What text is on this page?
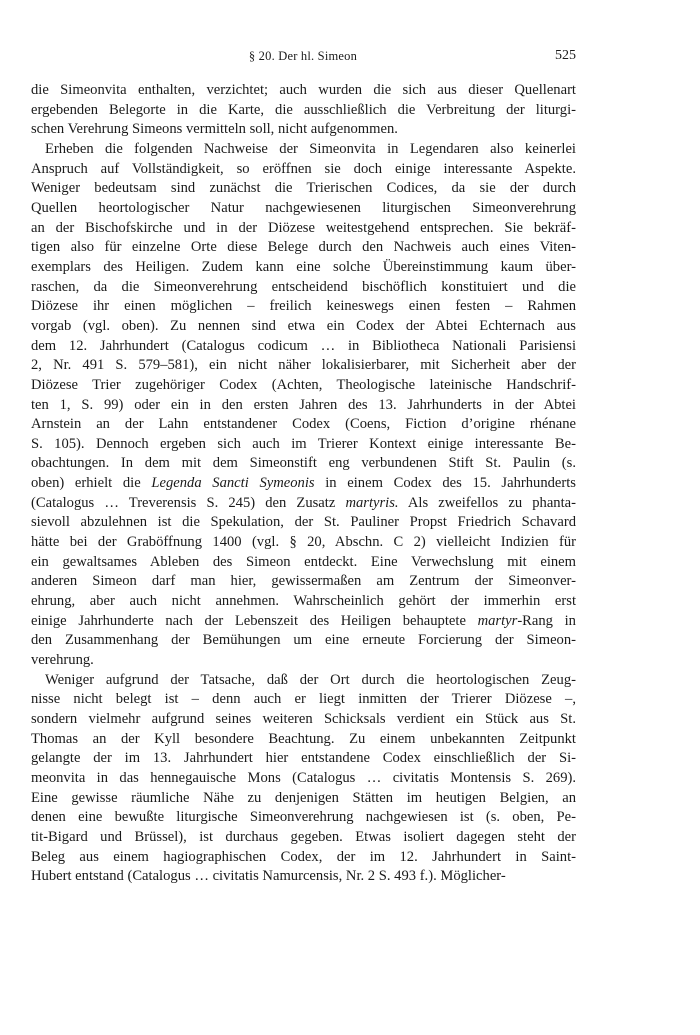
§ 20. Der hl. Simeon	525

die Simeonvita enthalten, verzichtet; auch wurden die sich aus dieser Quellenart
ergebenden Belegorte in die Karte, die ausschließlich die Verbreitung der liturgi-
schen Verehrung Simeons vermitteln soll, nicht aufgenommen.

Erheben die folgenden Nachweise der Simeonvita in Legendaren also keinerlei
Anspruch auf Vollständigkeit, so eröffnen sie doch einige interessante Aspekte.
Weniger bedeutsam sind zunächst die Trierischen Codices, da sie der durch
Quellen heortologischer Natur nachgewiesenen liturgischen Simeonverehrung
an der Bischofskirche und in der Diözese weitestgehend entsprechen. Sie bekräf-
tigen also für einzelne Orte diese Belege durch den Nachweis auch eines Viten-
exemplars des Heiligen. Zudem kann eine solche Übereinstimmung kaum über-
raschen, da die Simeonverehrung entscheidend bischöflich konstituiert und die
Diözese ihr einen möglichen – freilich keineswegs einen festen – Rahmen
vorgab (vgl. oben). Zu nennen sind etwa ein Codex der Abtei Echternach aus
dem 12. Jahrhundert (Catalogus codicum … in Bibliotheca Nationali Parisiensi
2, Nr. 491 S. 579–581), ein nicht näher lokalisierbarer, mit Sicherheit aber der
Diözese Trier zugehöriger Codex (Achten, Theologische lateinische Handschrif-
ten 1, S. 99) oder ein in den ersten Jahren des 13. Jahrhunderts in der Abtei
Arnstein an der Lahn entstandener Codex (Coens, Fiction d’origine rhénane
S. 105). Dennoch ergeben sich auch im Trierer Kontext einige interessante Be-
obachtungen. In dem mit dem Simeonstift eng verbundenen Stift St. Paulin (s.
oben) erhielt die Legenda Sancti Symeonis in einem Codex des 15. Jahrhunderts
(Catalogus … Treverensis S. 245) den Zusatz martyris. Als zweifellos zu phanta-
sievoll abzulehnen ist die Spekulation, der St. Pauliner Propst Friedrich Schavard
hätte bei der Graböffnung 1400 (vgl. § 20, Abschn. C 2) vielleicht Indizien für
ein gewaltsames Ableben des Simeon entdeckt. Eine Verwechslung mit einem
anderen Simeon darf man hier, gewissermaßen am Zentrum der Simeonver-
ehrung, aber auch nicht annehmen. Wahrscheinlich gehört der immerhin erst
einige Jahrhunderte nach der Lebenszeit des Heiligen behauptete martyr-Rang in
den Zusammenhang der Bemühungen um eine erneute Forcierung der Simeon-
verehrung.

Weniger aufgrund der Tatsache, daß der Ort durch die heortologischen Zeug-
nisse nicht belegt ist – denn auch er liegt inmitten der Trierer Diözese –,
sondern vielmehr aufgrund seines weiteren Schicksals verdient ein Stück aus St.
Thomas an der Kyll besondere Beachtung. Zu einem unbekannten Zeitpunkt
gelangte der im 13. Jahrhundert hier entstandene Codex einschließlich der Si-
meonvita in das hennegauische Mons (Catalogus … civitatis Montensis S. 269).
Eine gewisse räumliche Nähe zu denjenigen Stätten im heutigen Belgien, an
denen eine bewußte liturgische Simeonverehrung nachgewiesen ist (s. oben, Pe-
tit-Bigard und Brüssel), ist durchaus gegeben. Etwas isoliert dagegen steht der
Beleg aus einem hagiographischen Codex, der im 12. Jahrhundert in Saint-
Hubert entstand (Catalogus … civitatis Namurcensis, Nr. 2 S. 493 f.). Möglicher-
